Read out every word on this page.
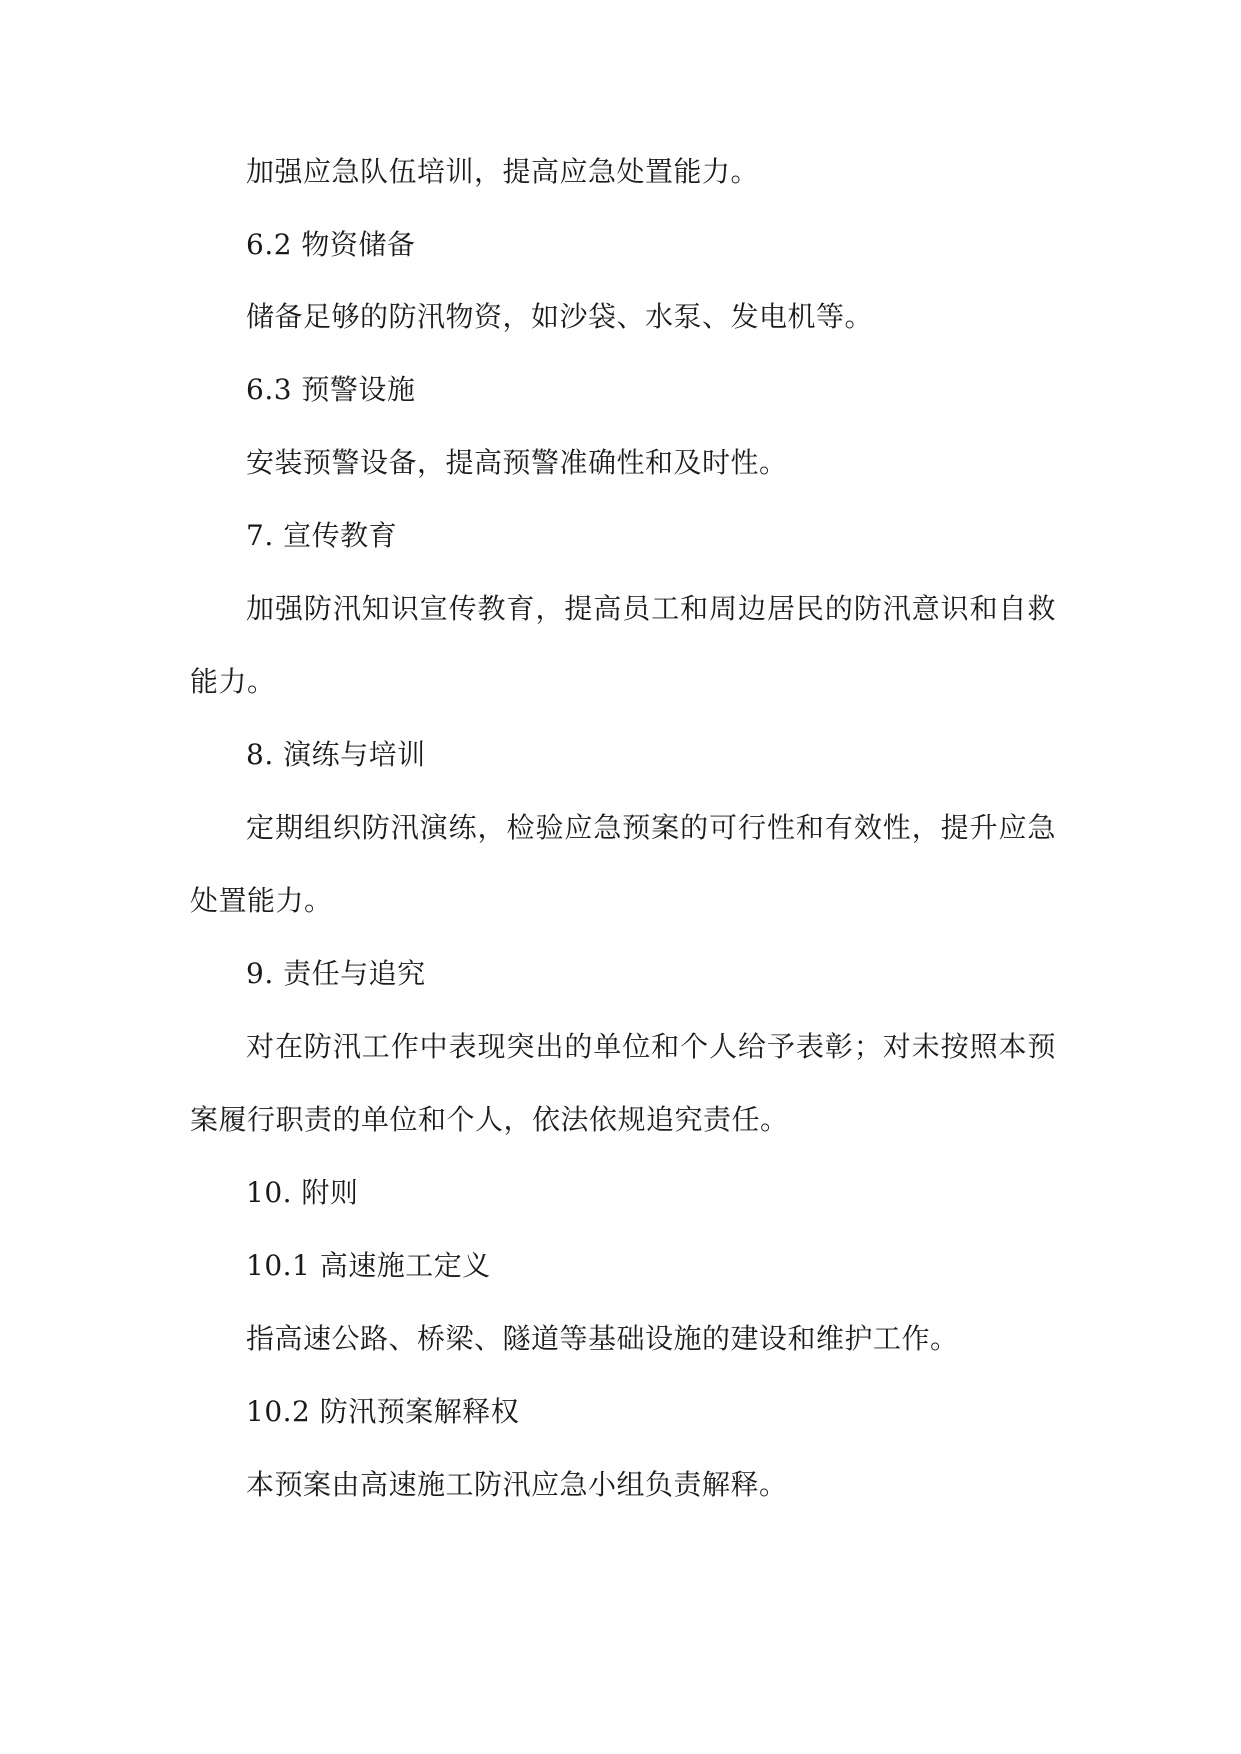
加强应急队伍培训，提高应急处置能力。
6.2 物资储备
储备足够的防汛物资，如沙袋、水泵、发电机等。
6.3 预警设施
安装预警设备，提高预警准确性和及时性。
7. 宣传教育
加强防汛知识宣传教育，提高员工和周边居民的防汛意识和自救
能力。
8. 演练与培训
定期组织防汛演练，检验应急预案的可行性和有效性，提升应急
处置能力。
9. 责任与追究
对在防汛工作中表现突出的单位和个人给予表彰；对未按照本预
案履行职责的单位和个人，依法依规追究责任。
10. 附则
10.1 高速施工定义
指高速公路、桥梁、隧道等基础设施的建设和维护工作。
10.2 防汛预案解释权
本预案由高速施工防汛应急小组负责解释。
